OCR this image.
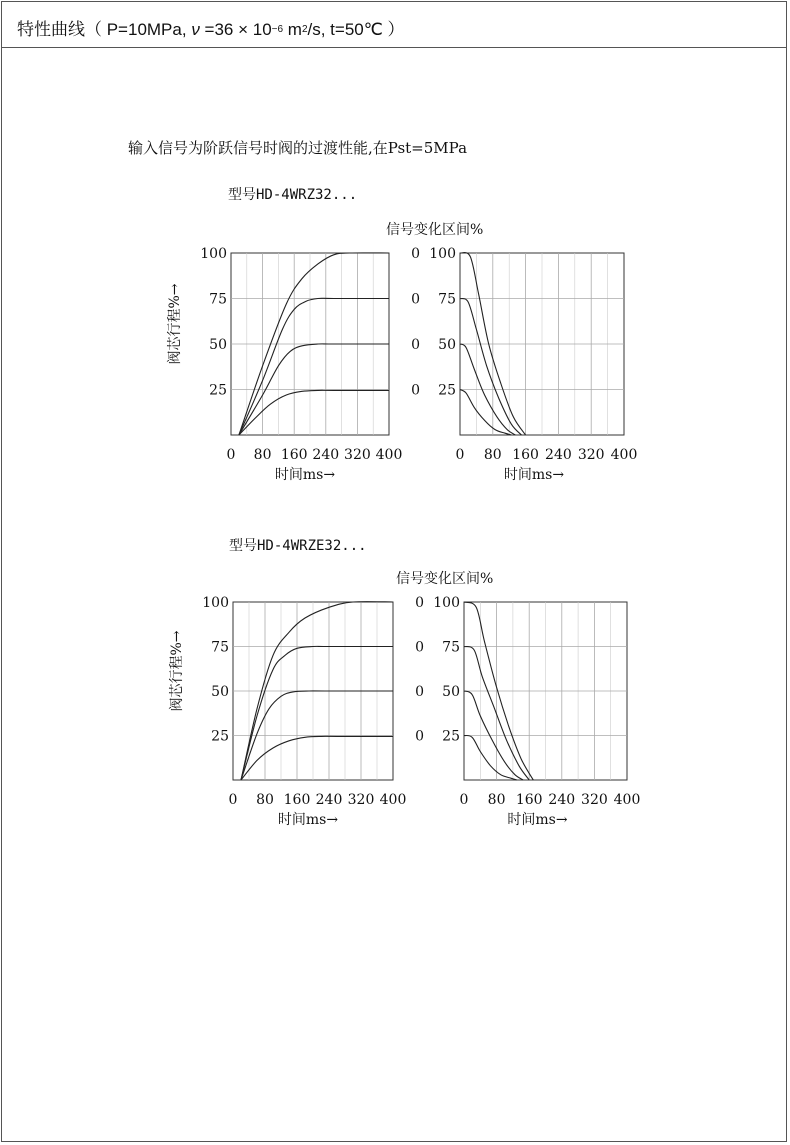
特性曲线（ P=10MPa, $\nu =36 \times 10^{-6}$ $m^2/s$, t=50℃ ）
输入信号为阶跃信号时阀的过渡性能,在Pst=5MPa
型号HD-4WRZ32...
信号变化区间%
型号HD-4WRZE32...
信号变化区间%
100
75
50
25
0 80 160 240 320 400
时间ms→
阀芯行程%→
100
75
50
25
0
0
0
0
0 80 160 240 320 400
时间ms→
100
75
50
25
0 80 160 240 320 400
时间ms→
阀芯行程%→
100
75
50
25
0
0
0
0
0 80 160 240 320 400
时间ms→
